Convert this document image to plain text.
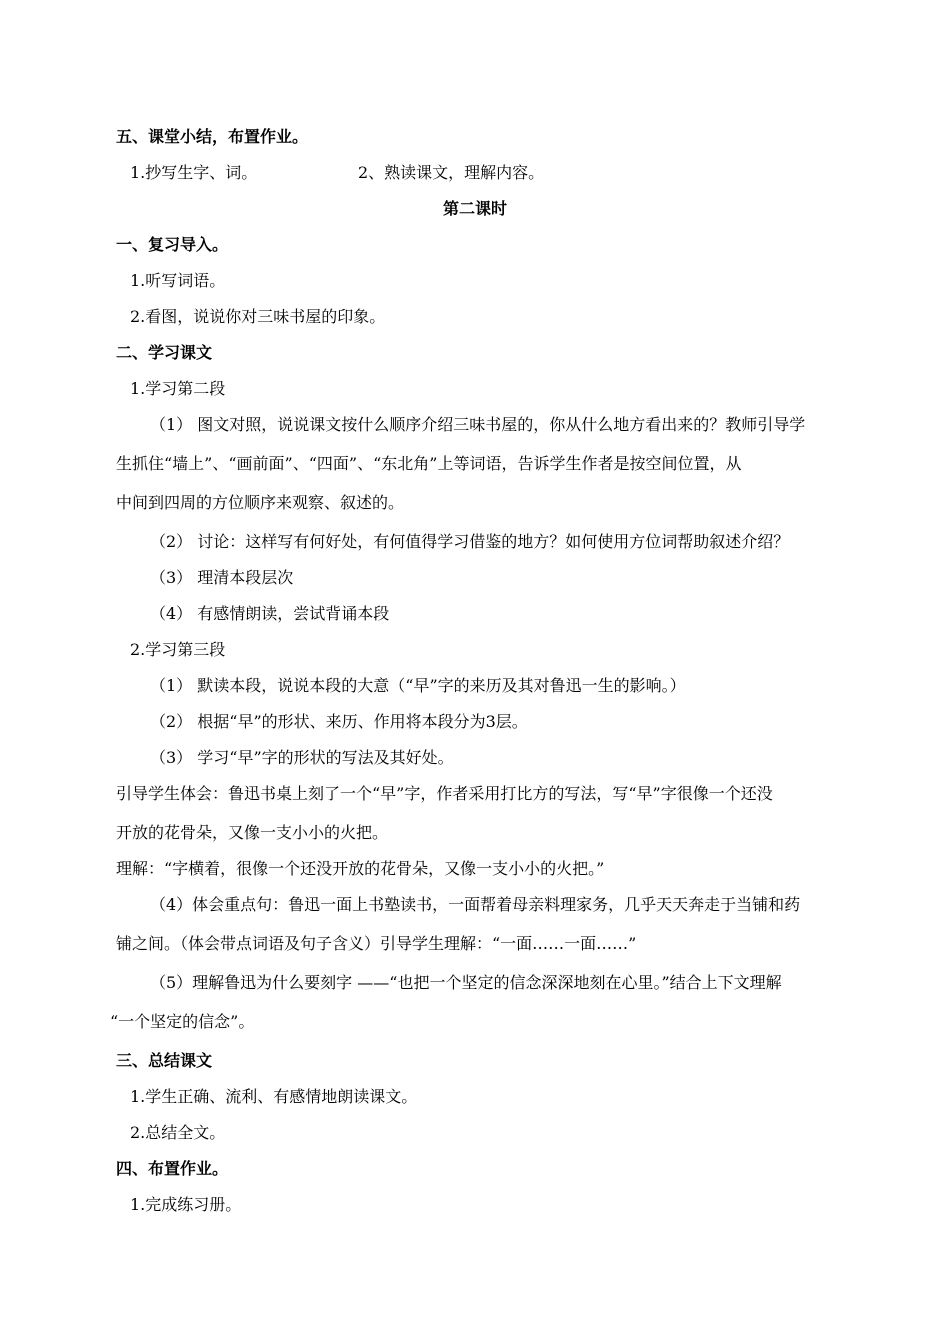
五、课堂小结，布置作业。
1.抄写生字、词。	2、熟读课文，理解内容。
第二课时
一、复习导入。
1.听写词语。
2.看图，说说你对三味书屋的印象。
二、学习课文
1.学习第二段
（1） 图文对照，说说课文按什么顺序介绍三味书屋的，你从什么地方看出来的？教师引导学
生抓住“墙上”、“画前面”、“四面”、“东北角”上等词语，告诉学生作者是按空间位置，从
中间到四周的方位顺序来观察、叙述的。
（2） 讨论：这样写有何好处，有何值得学习借鉴的地方？如何使用方位词帮助叙述介绍？
（3） 理清本段层次
（4） 有感情朗读，尝试背诵本段
2.学习第三段
（1） 默读本段，说说本段的大意（“早”字的来历及其对鲁迅一生的影响。）
（2） 根据“早”的形状、来历、作用将本段分为3层。
（3） 学习“早”字的形状的写法及其好处。
引导学生体会：鲁迅书桌上刻了一个“早”字，作者采用打比方的写法，写“早”字很像一个还没
开放的花骨朵，又像一支小小的火把。
理解：“字横着，很像一个还没开放的花骨朵，又像一支小小的火把。”
（4）体会重点句：鲁迅一面上书塾读书，一面帮着母亲料理家务，几乎天天奔走于当铺和药
铺之间。（体会带点词语及句子含义）引导学生理解：“一面……一面……”
（5）理解鲁迅为什么要刻字 ——“也把一个坚定的信念深深地刻在心里。”结合上下文理解
“一个坚定的信念”。
三、总结课文
1.学生正确、流利、有感情地朗读课文。
2.总结全文。
四、布置作业。
1.完成练习册。
